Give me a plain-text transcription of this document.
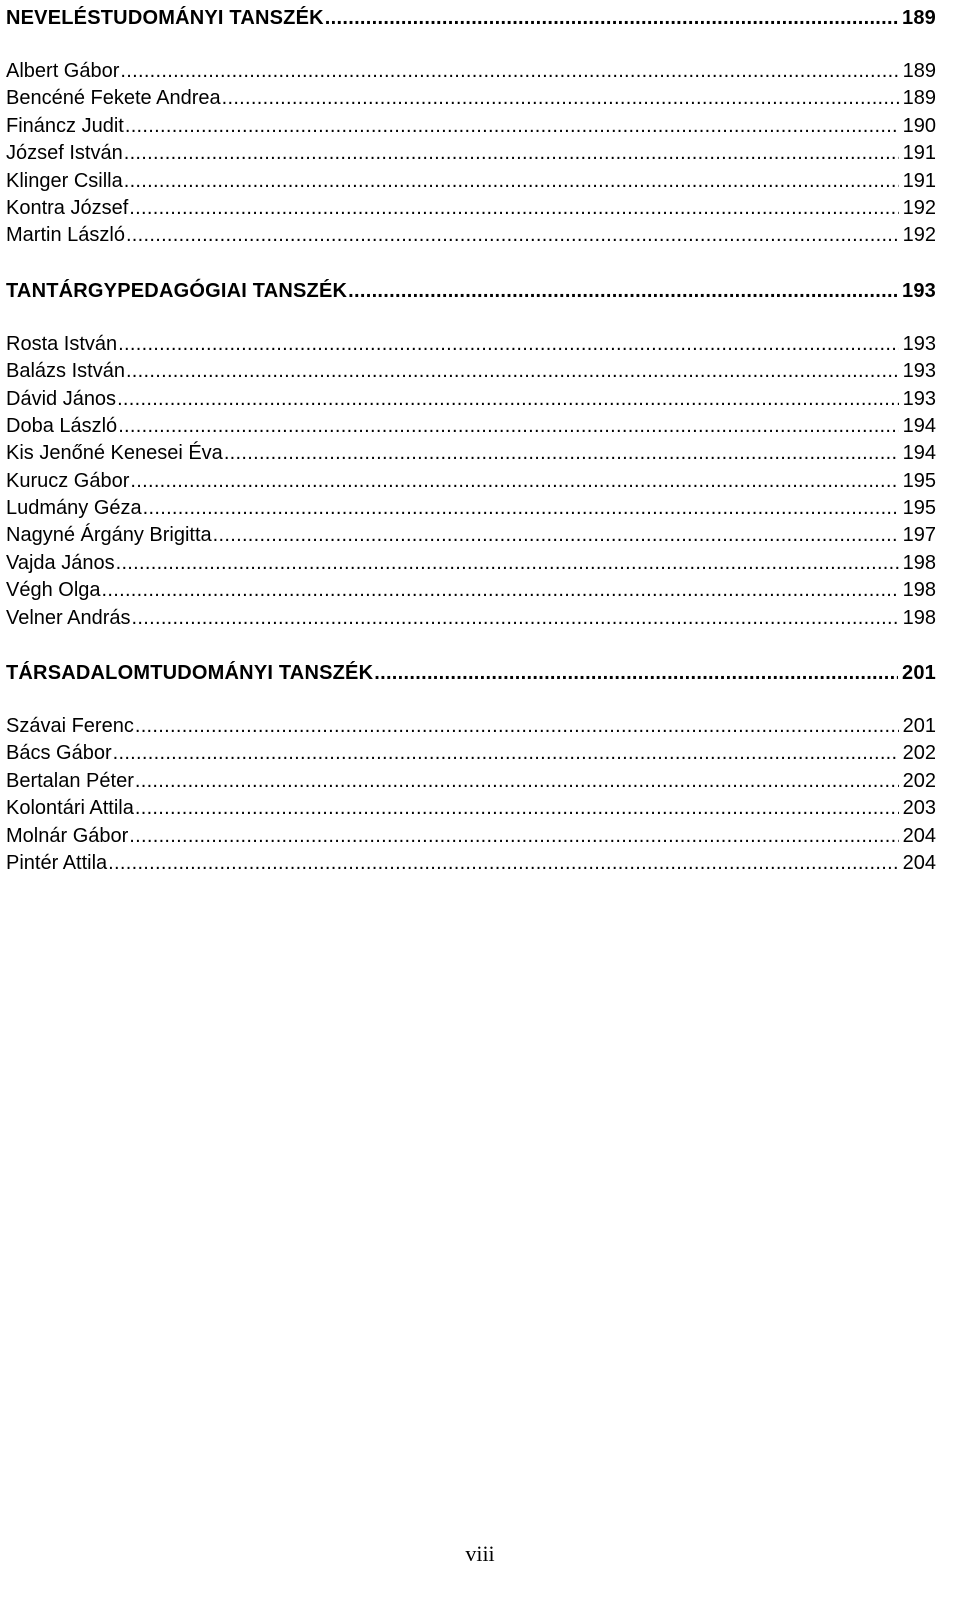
NEVELÉSTUDOMÁNYI TANSZÉK .....	189
Albert Gábor .....	189
Bencéné Fekete Andrea .....	189
Fináncz Judit .....	190
József István .....	191
Klinger Csilla .....	191
Kontra József .....	192
Martin László .....	192
TANTÁRGYPEDAGÓGIAI TANSZÉK .....	193
Rosta István .....	193
Balázs István .....	193
Dávid János .....	193
Doba László .....	194
Kis Jenőné Kenesei Éva .....	194
Kurucz Gábor .....	195
Ludmány Géza .....	195
Nagyné Árgány Brigitta .....	197
Vajda János .....	198
Végh Olga .....	198
Velner András .....	198
TÁRSADALOMTUDOMÁNYI TANSZÉK .....	201
Szávai Ferenc .....	201
Bács Gábor .....	202
Bertalan Péter .....	202
Kolontári Attila .....	203
Molnár Gábor .....	204
Pintér Attila .....	204
viii
